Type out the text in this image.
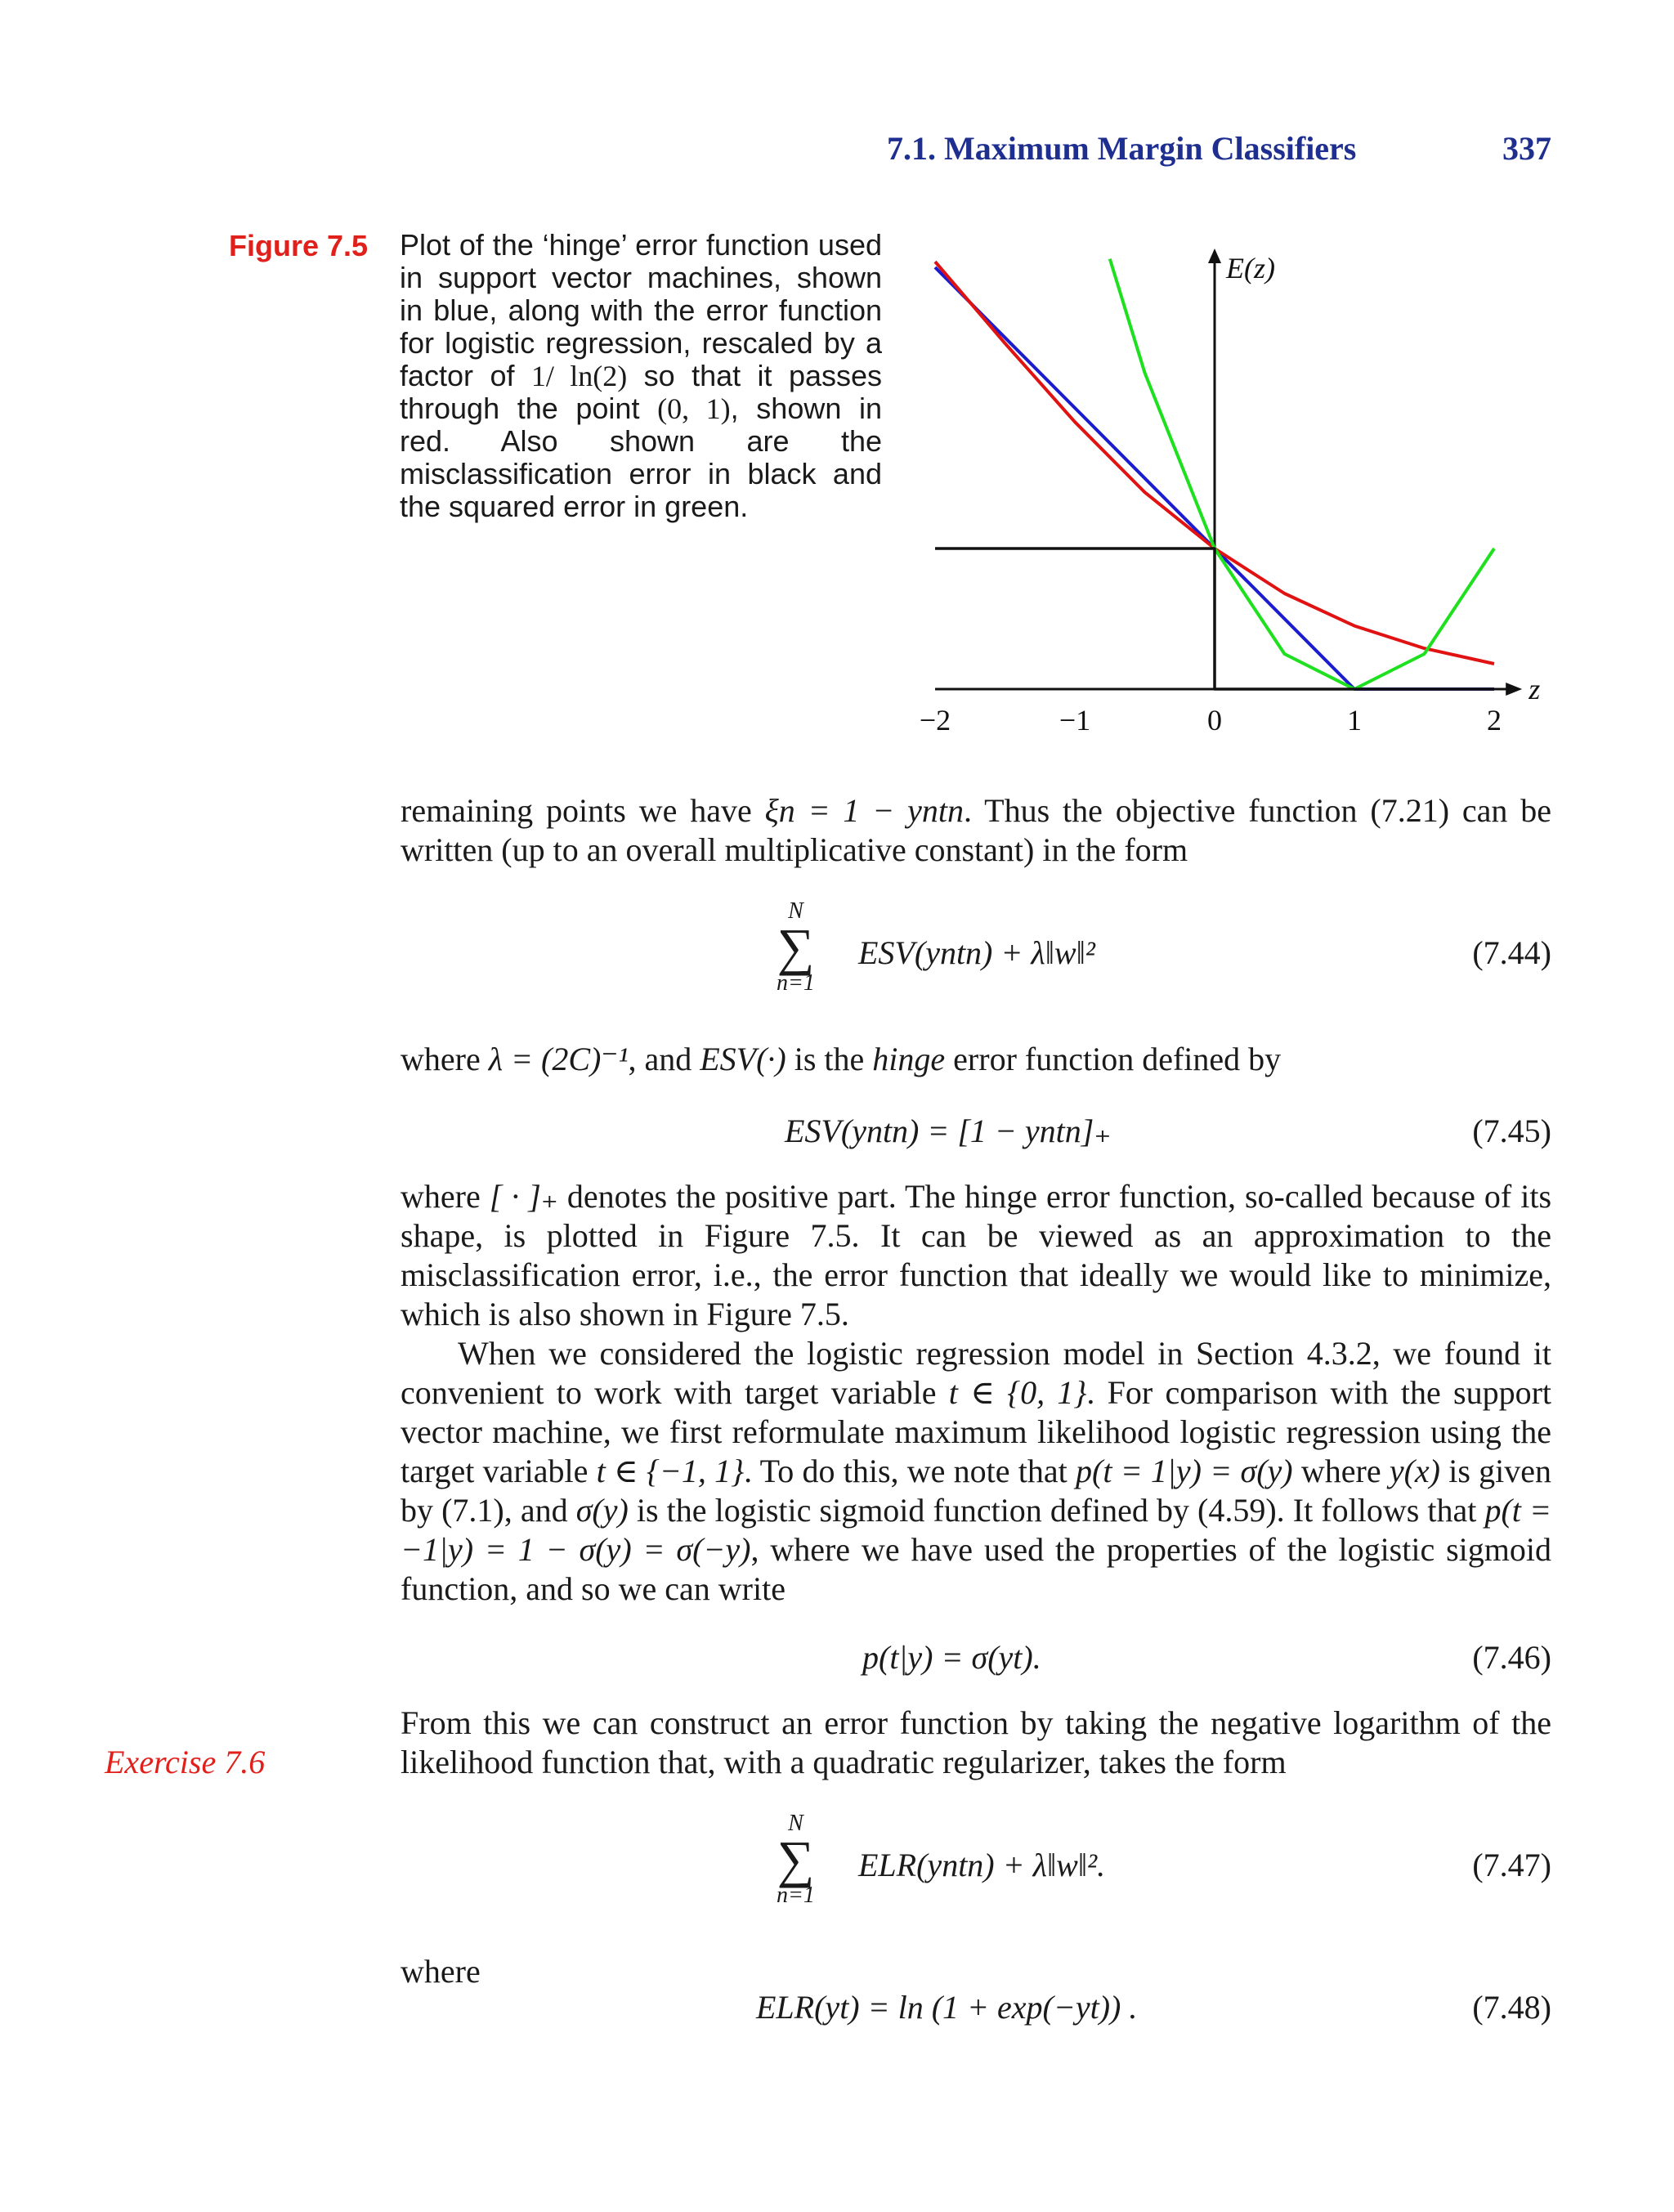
7.1. Maximum Margin Classifiers	337
Figure 7.5 Plot of the ‘hinge’ error function used in support vector machines, shown in blue, along with the error function for logistic regression, rescaled by a factor of 1/ ln(2) so that it passes through the point (0, 1), shown in red. Also shown are the misclassification error in black and the squared error in green.
E(z)
z
−2	−1	0	1	2
remaining points we have ξn = 1 − yntn. Thus the objective function (7.21) can be written (up to an overall multiplicative constant) in the form
N
∑
n=1
ESV(yntn) + λ‖w‖²	(7.44)
where λ = (2C)⁻¹, and ESV(·) is the hinge error function defined by
ESV(yntn) = [1 − yntn]₊	(7.45)
where [ · ]₊ denotes the positive part. The hinge error function, so-called because of its shape, is plotted in Figure 7.5. It can be viewed as an approximation to the misclassification error, i.e., the error function that ideally we would like to minimize, which is also shown in Figure 7.5.
When we considered the logistic regression model in Section 4.3.2, we found it convenient to work with target variable t ∈ {0, 1}. For comparison with the support vector machine, we first reformulate maximum likelihood logistic regression using the target variable t ∈ {−1, 1}. To do this, we note that p(t = 1|y) = σ(y) where y(x) is given by (7.1), and σ(y) is the logistic sigmoid function defined by (4.59). It follows that p(t = −1|y) = 1 − σ(y) = σ(−y), where we have used the properties of the logistic sigmoid function, and so we can write
p(t|y) = σ(yt).	(7.46)
From this we can construct an error function by taking the negative logarithm of the likelihood function that, with a quadratic regularizer, takes the form
Exercise 7.6
N
∑
n=1
ELR(yntn) + λ‖w‖².	(7.47)
where
ELR(yt) = ln (1 + exp(−yt)) .	(7.48)
